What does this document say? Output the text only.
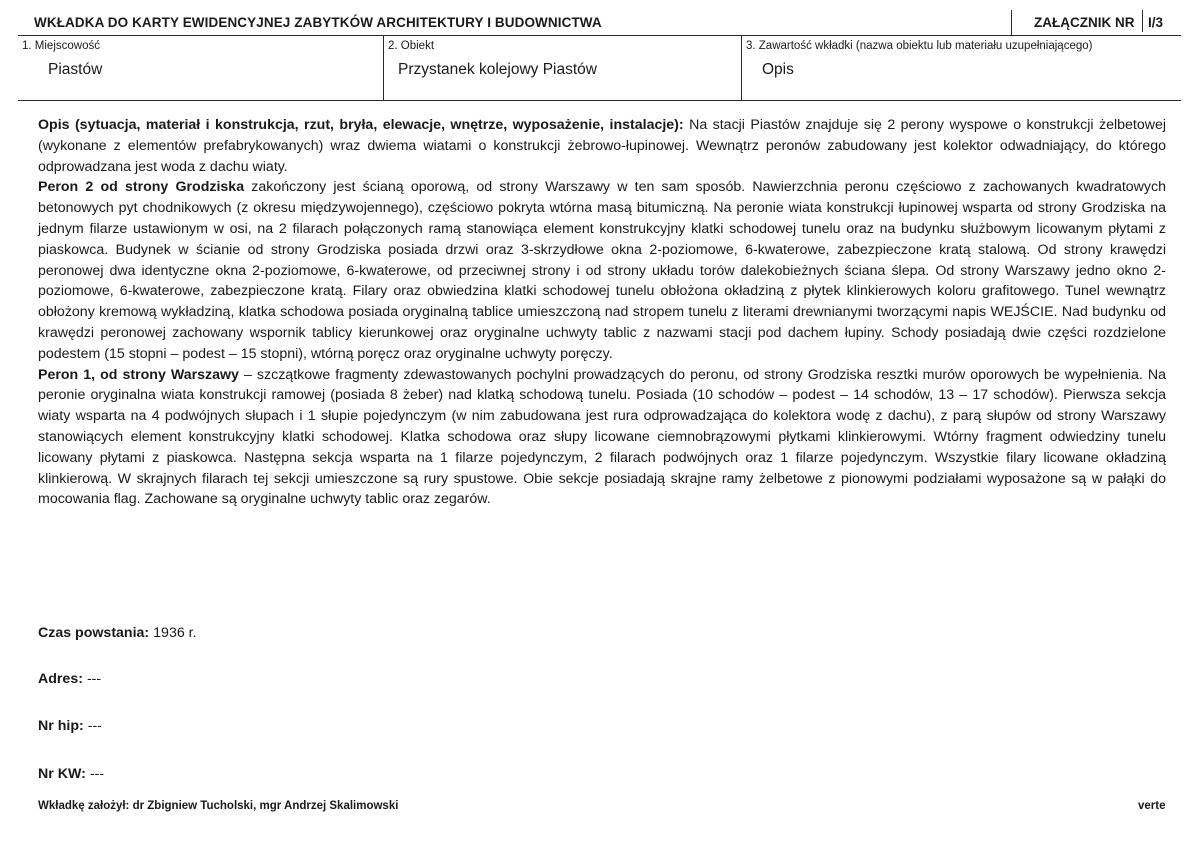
WKŁADKA DO KARTY EWIDENCYJNEJ ZABYTKÓW ARCHITEKTURY I BUDOWNICTWA	ZAŁĄCZNIK NR I/3
1. Miejscowość
Piastów
2. Obiekt
Przystanek kolejowy Piastów
3. Zawartość wkładki (nazwa obiektu lub materiału uzupełniającego)
Opis

Opis (sytuacja, materiał i konstrukcja, rzut, bryła, elewacje, wnętrze, wyposażenie, instalacje): Na stacji Piastów znajduje się 2 perony wyspowe o konstrukcji żelbetowej (wykonane z elementów prefabrykowanych) wraz dwiema wiatami o konstrukcji żebrowo-łupinowej. Wewnątrz peronów zabudowany jest kolektor odwadniający, do którego odprowadzana jest woda z dachu wiaty.

Peron 2 od strony Grodziska zakończony jest ścianą oporową, od strony Warszawy w ten sam sposób. Nawierzchnia peronu częściowo z zachowanych kwadratowych betonowych pyt chodnikowych (z okresu międzywojennego), częściowo pokryta wtórna masą bitumiczną. Na peronie wiata konstrukcji łupinowej wsparta od strony Grodziska na jednym filarze ustawionym w osi, na 2 filarach połączonych ramą stanowiąca element konstrukcyjny klatki schodowej tunelu oraz na budynku służbowym licowanym płytami z piaskowca. Budynek w ścianie od strony Grodziska posiada drzwi oraz 3-skrzydłowe okna 2-poziomowe, 6-kwaterowe, zabezpieczone kratą stalową. Od strony krawędzi peronowej dwa identyczne okna 2-poziomowe, 6-kwaterowe, od przeciwnej strony i od strony układu torów dalekobieżnych ściana ślepa. Od strony Warszawy jedno okno 2-poziomowe, 6-kwaterowe, zabezpieczone kratą. Filary oraz obwiedzina klatki schodowej tunelu obłożona okładziną z płytek klinkierowych koloru grafitowego. Tunel wewnątrz obłożony kremową wykładziną, klatka schodowa posiada oryginalną tablice umieszczoną nad stropem tunelu z literami drewnianymi tworzącymi napis WEJŚCIE. Nad budynku od krawędzi peronowej zachowany wspornik tablicy kierunkowej oraz oryginalne uchwyty tablic z nazwami stacji pod dachem łupiny. Schody posiadają dwie części rozdzielone podestem (15 stopni – podest – 15 stopni), wtórną poręcz oraz oryginalne uchwyty poręczy.

Peron 1, od strony Warszawy – szczątkowe fragmenty zdewastowanych pochylni prowadzących do peronu, od strony Grodziska resztki murów oporowych be wypełnienia. Na peronie oryginalna wiata konstrukcji ramowej (posiada 8 żeber) nad klatką schodową tunelu. Posiada (10 schodów – podest – 14 schodów, 13 – 17 schodów). Pierwsza sekcja wiaty wsparta na 4 podwójnych słupach i 1 słupie pojedynczym (w nim zabudowana jest rura odprowadzająca do kolektora wodę z dachu), z parą słupów od strony Warszawy stanowiących element konstrukcyjny klatki schodowej. Klatka schodowa oraz słupy licowane ciemnobrązowymi płytkami klinkierowymi. Wtórny fragment odwiedziny tunelu licowany płytami z piaskowca. Następna sekcja wsparta na 1 filarze pojedynczym, 2 filarach podwójnych oraz 1 filarze pojedynczym. Wszystkie filary licowane okładziną klinkierową. W skrajnych filarach tej sekcji umieszczone są rury spustowe. Obie sekcje posiadają skrajne ramy żelbetowe z pionowymi podziałami wyposażone są w pałąki do mocowania flag. Zachowane są oryginalne uchwyty tablic oraz zegarów.

Czas powstania: 1936 r.
Adres: ---
Nr hip: ---
Nr KW: ---
Wkładkę założył: dr Zbigniew Tucholski, mgr Andrzej Skalimowski	verte
